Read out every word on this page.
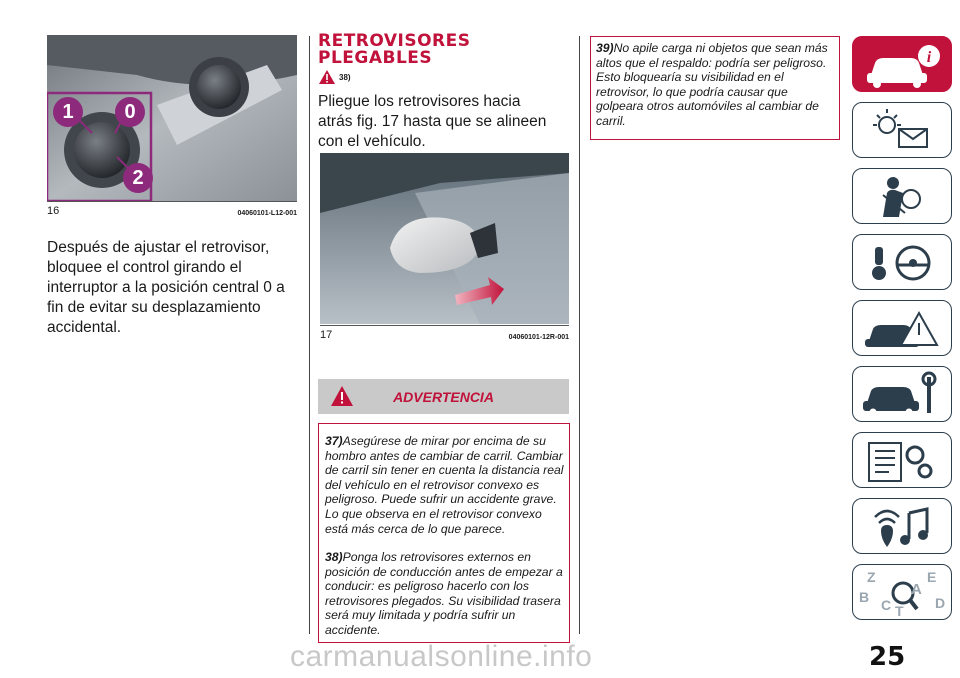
1	0
2
16	04060101-L12-001
Después de ajustar el retrovisor, bloquee el control girando el interruptor a la posición central 0 a fin de evitar su desplazamiento accidental.
RETROVISORES
PLEGABLES
38)
Pliegue los retrovisores hacia atrás fig. 17 hasta que se alineen con el vehículo.
17	04060101-12R-001
ADVERTENCIA
37)Asegúrese de mirar por encima de su hombro antes de cambiar de carril. Cambiar de carril sin tener en cuenta la distancia real del vehículo en el retrovisor convexo es peligroso. Puede sufrir un accidente grave. Lo que observa en el retrovisor convexo está más cerca de lo que parece.
38)Ponga los retrovisores externos en posición de conducción antes de empezar a conducir: es peligroso hacerlo con los retrovisores plegados. Su visibilidad trasera será muy limitada y podría sufrir un accidente.
39)No apile carga ni objetos que sean más altos que el respaldo: podría ser peligroso. Esto bloquearía su visibilidad en el retrovisor, lo que podría causar que golpeara otros automóviles al cambiar de carril.
i
Z	E
A
B C	D
T
25
carmanualsonline.info
